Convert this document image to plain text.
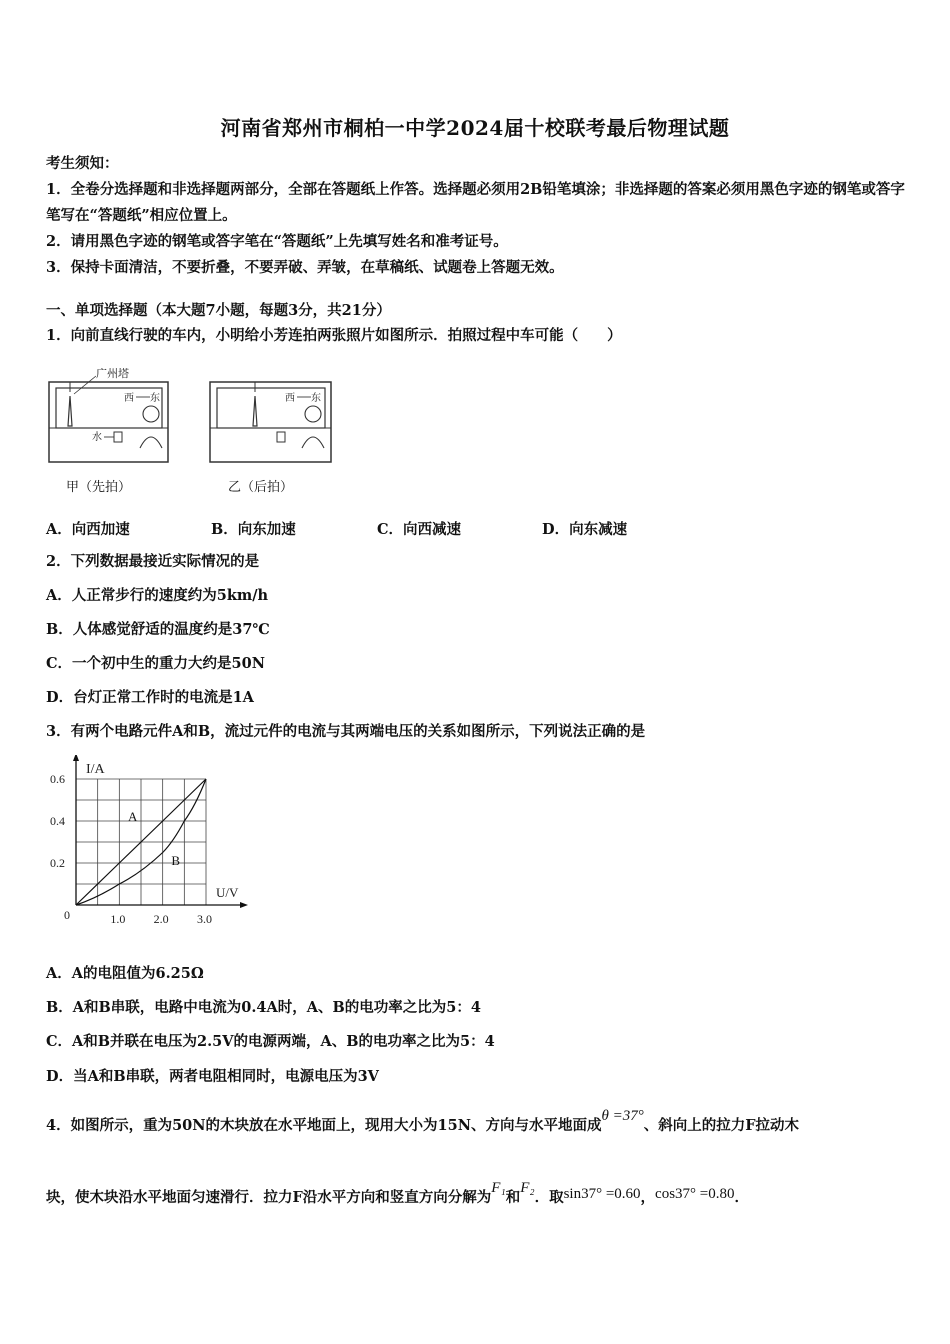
河南省郑州市桐柏一中学2024届十校联考最后物理试题

考生须知：

1．全卷分选择题和非选择题两部分，全部在答题纸上作答。选择题必须用2B铅笔填涂；非选择题的答案必须用黑色字迹的钢笔或答字笔写在“答题纸”相应位置上。

2．请用黑色字迹的钢笔或答字笔在“答题纸”上先填写姓名和准考证号。

3．保持卡面清洁，不要折叠，不要弄破、弄皱，在草稿纸、试题卷上答题无效。

一、单项选择题（本大题7小题，每题3分，共21分）
1．向前直线行驶的车内，小明给小芳连拍两张照片如图所示．拍照过程中车可能（　　）
广州塔
西 东
水
甲（先拍）
西 东
乙（后拍）
A．向西加速	B．向东加速	C．向西减速	D．向东减速
2．下列数据最接近实际情况的是
A．人正常步行的速度约为5km/h
B．人体感觉舒适的温度约是37℃
C．一个初中生的重力大约是50N
D．台灯正常工作时的电流是1A
3．有两个电路元件A和B，流过元件的电流与其两端电压的关系如图所示，下列说法正确的是
A
B
1.0 2.0 3.0
0.2
0.4
0.6
0
U/V
I/A
A．A的电阻值为6.25Ω
B．A和B串联，电路中电流为0.4A时，A、B的电功率之比为5：4
C．A和B并联在电压为2.5V的电源两端，A、B的电功率之比为5：4
D．当A和B串联，两者电阻相同时，电源电压为3V
4．如图所示，重为50N的木块放在水平地面上，现用大小为15N、方向与水平地面成θ =37°、斜向上的拉力F拉动木
块，使木块沿水平地面匀速滑行．拉力F沿水平方向和竖直方向分解为F₁和F₂．取sin37° =0.60，cos37° =0.80．
